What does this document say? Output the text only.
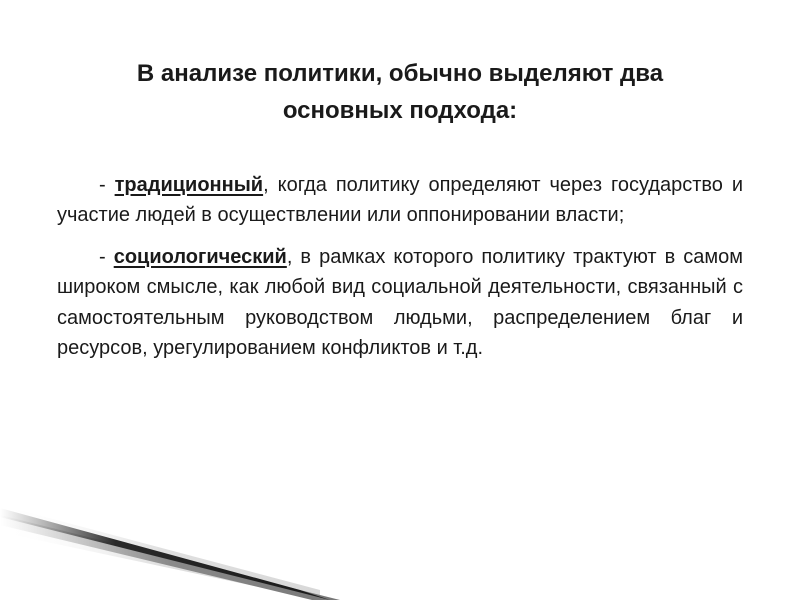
В анализе политики, обычно выделяют два
основных подхода:

- традиционный, когда политику определяют через государство и участие людей в осуществлении или оппонировании власти;

- социологический, в рамках которого политику трактуют в самом широком смысле, как любой вид социальной деятельности, связанный с самостоятельным руководством людьми, распределением благ и ресурсов, урегулированием конфликтов и т.д.
